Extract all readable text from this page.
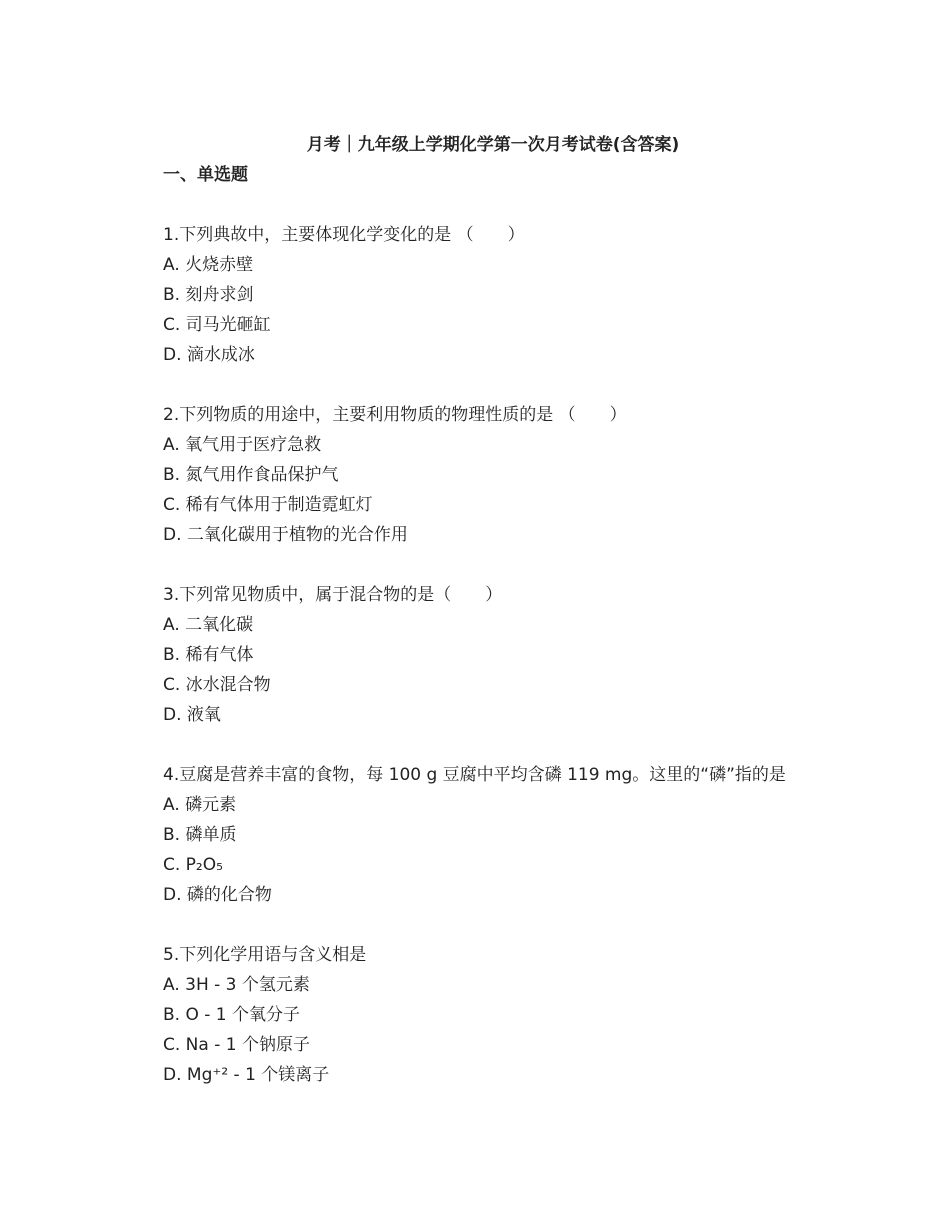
月考｜九年级上学期化学第一次月考试卷(含答案)
一、单选题

1.下列典故中，主要体现化学变化的是 （　　）

A. 火烧赤壁

B. 刻舟求剑

C. 司马光砸缸

D. 滴水成冰

2.下列物质的用途中，主要利用物质的物理性质的是 （　　）

A. 氧气用于医疗急救

B. 氮气用作食品保护气

C. 稀有气体用于制造霓虹灯

D. 二氧化碳用于植物的光合作用

3.下列常见物质中，属于混合物的是（　　）

A. 二氧化碳

B. 稀有气体

C. 冰水混合物

D. 液氧

4.豆腐是营养丰富的食物，每 100 g 豆腐中平均含磷 119 mg。这里的“磷”指的是

A. 磷元素

B. 磷单质

C. P₂O₅

D. 磷的化合物

5.下列化学用语与含义相是

A. 3H - 3 个氢元素

B. O - 1 个氧分子

C. Na - 1 个钠原子

D. Mg⁺² - 1 个镁离子
